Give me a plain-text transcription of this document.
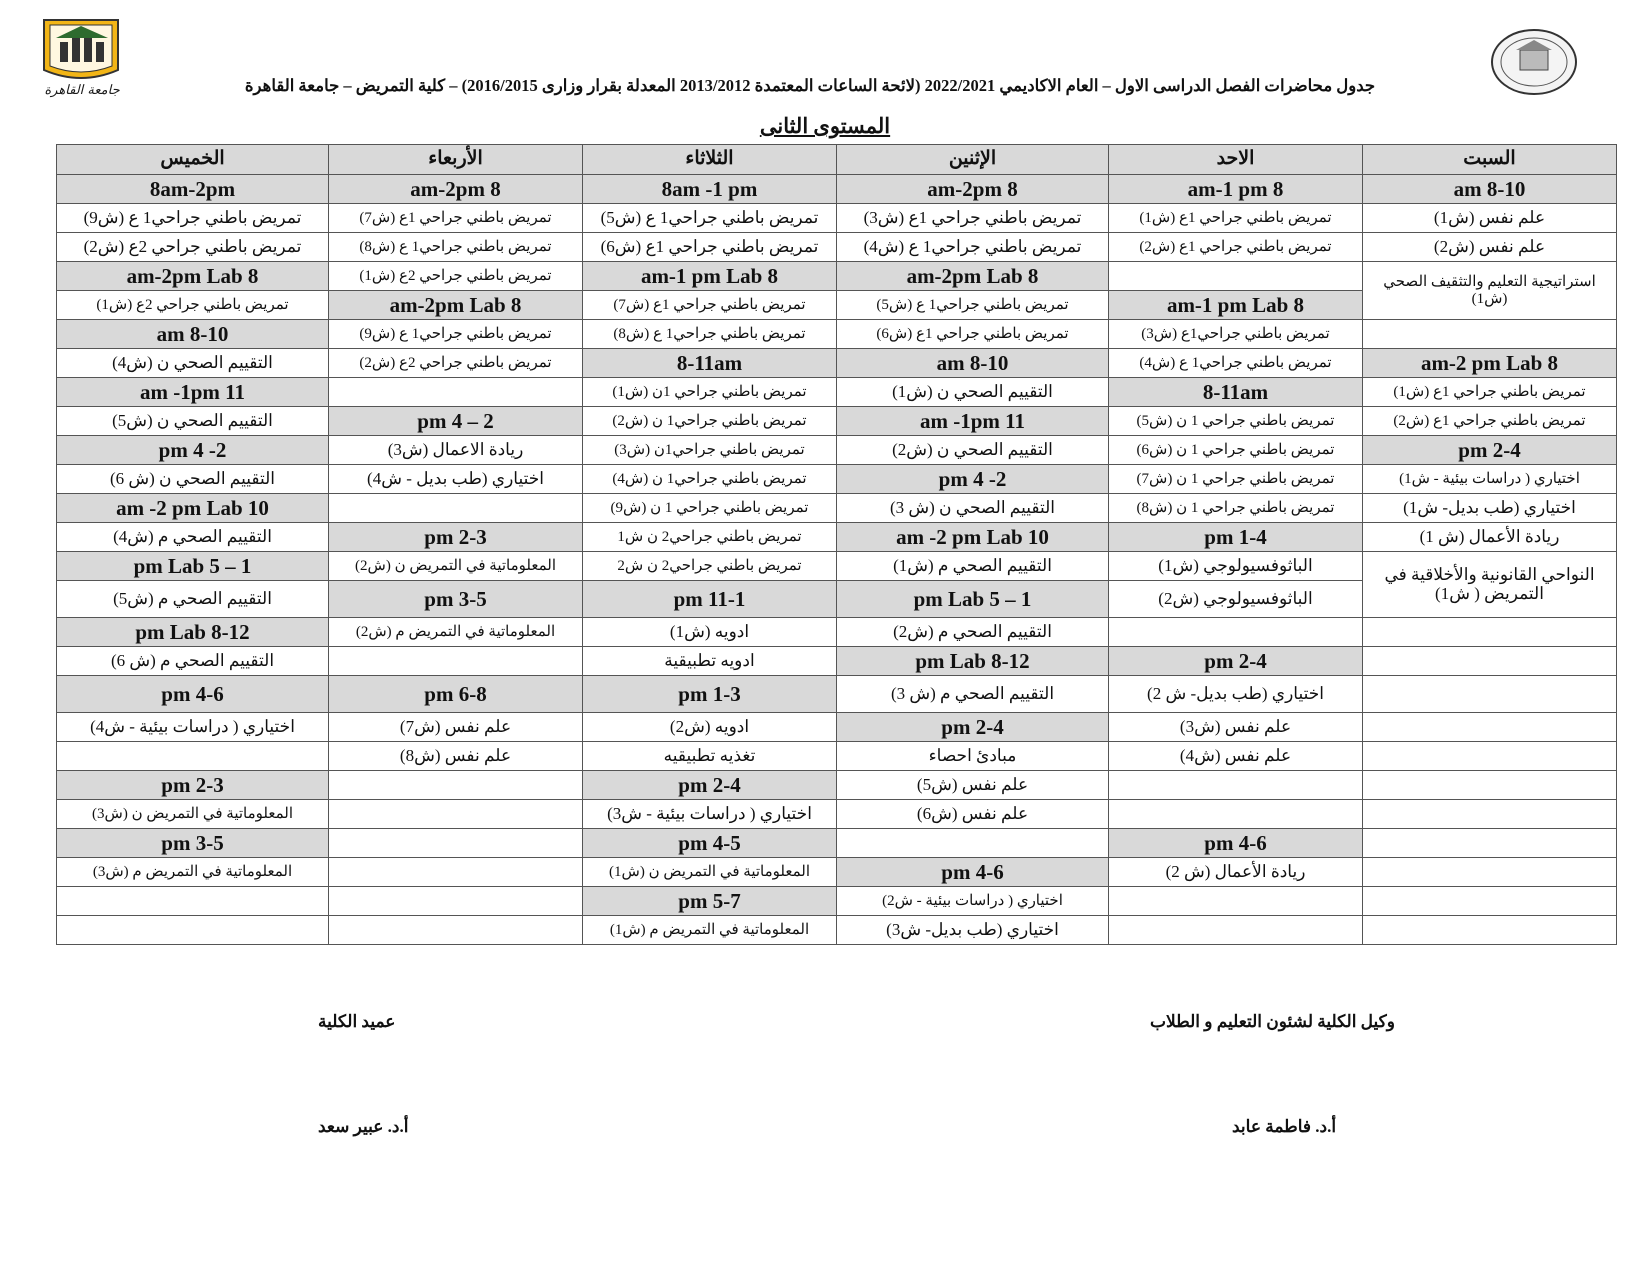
جامعة القاهرة	جدول محاضرات الفصل الدراسى الاول – العام الاكاديمي 2022/2021 (لائحة الساعات المعتمدة 2013/2012 المعدلة بقرار وزارى 2016/2015) – كلية التمريض – جامعة القاهرة
المستوى الثانى
السبت	الاحد	الإثنين	الثلاثاء	الأربعاء	الخميس
8-10 am	8 am-1 pm	8 am-2pm	8am -1 pm	8 am-2pm	8am-2pm
علم نفس (ش1)	تمريض باطني جراحي 1ع (ش1)	تمريض باطني جراحي 1ع (ش3)	تمريض باطني جراحي1 ع (ش5)	تمريض باطني جراحي 1ع (ش7)	تمريض باطني جراحي1 ع (ش9)
علم نفس (ش2)	تمريض باطني جراحي 1ع (ش2)	تمريض باطني جراحي1 ع (ش4)	تمريض باطني جراحي 1ع (ش6)	تمريض باطني جراحي1 ع (ش8)	تمريض باطني جراحي 2ع (ش2)
استراتيجية التعليم والتثقيف الصحي (ش1)		8 am-2pm Lab	8 am-1 pm Lab	تمريض باطني جراحي 2ع (ش1)	8 am-2pm Lab
	8 am-1 pm Lab	تمريض باطني جراحي1 ع (ش5)	تمريض باطني جراحي 1ع (ش7)	8 am-2pm Lab	تمريض باطني جراحي 2ع (ش1)
	تمريض باطني جراحي1ع (ش3)	تمريض باطني جراحي 1ع (ش6)	تمريض باطني جراحي1 ع (ش8)	تمريض باطني جراحي1 ع (ش9)	8-10 am
8 am-2 pm Lab	تمريض باطني جراحي1 ع (ش4)	8-10 am	8-11am	تمريض باطني جراحي 2ع (ش2)	التقييم الصحي ن (ش4)
تمريض باطني جراحي 1ع (ش1)	8-11am	التقييم الصحي ن (ش1)	تمريض باطني جراحي 1ن (ش1)		11 am -1pm
تمريض باطني جراحي 1ع (ش2)	تمريض باطني جراحي 1 ن (ش5)	11 am -1pm	تمريض باطني جراحي1 ن (ش2)	2 – 4 pm	التقييم الصحي ن (ش5)
2-4 pm	تمريض باطني جراحي 1 ن (ش6)	التقييم الصحي ن (ش2)	تمريض باطني جراحي1ن (ش3)	ريادة الاعمال (ش3)	2- 4 pm
اختياري ( دراسات بيئية - ش1)	تمريض باطني جراحي 1 ن (ش7)	2- 4 pm	تمريض باطني جراحي1 ن (ش4)	اختياري (طب بديل - ش4)	التقييم الصحي ن (ش 6)
اختياري (طب بديل- ش1)	تمريض باطني جراحي 1 ن (ش8)	التقييم الصحي ن (ش 3)	تمريض باطني جراحي 1 ن (ش9)		10 am -2 pm Lab
ريادة الأعمال (ش 1)	1-4 pm	10 am -2 pm Lab	تمريض باطني جراحي2 ن ش1	2-3 pm	التقييم الصحي م (ش4)
النواحي القانونية والأخلاقية في التمريض ( ش1)	الباثوفسيولوجي (ش1)	التقييم الصحي م (ش1)	تمريض باطني جراحي2 ن ش2	المعلوماتية في التمريض ن (ش2)	1 – 5 pm Lab
	الباثوفسيولوجي (ش2)	1 – 5 pm Lab	11-1 pm	3-5 pm	التقييم الصحي م (ش5)
		التقييم الصحي م (ش2)	ادويه (ش1)	المعلوماتية في التمريض م (ش2)	8-12 pm Lab
	2-4 pm	8-12 pm Lab	ادويه تطبيقية		التقييم الصحي م (ش 6)
	اختياري (طب بديل- ش 2)	التقييم الصحي م (ش 3)	1-3 pm	6-8 pm	4-6 pm
	علم نفس (ش3)	2-4 pm	ادويه (ش2)	علم نفس (ش7)	اختياري ( دراسات بيئية - ش4)
	علم نفس (ش4)	مبادئ احصاء	تغذيه تطبيقيه	علم نفس (ش8)	
		علم نفس (ش5)	2-4 pm		2-3 pm
		علم نفس (ش6)	اختياري ( دراسات بيئية - ش3)		المعلوماتية في التمريض ن (ش3)
	4-6 pm		4-5 pm		3-5 pm
	ريادة الأعمال (ش 2)	4-6 pm	المعلوماتية في التمريض ن (ش1)		المعلوماتية في التمريض م (ش3)
		اختياري ( دراسات بيئية - ش2)	5-7 pm		
		اختياري (طب بديل- ش3)	المعلوماتية في التمريض م (ش1)		
وكيل الكلية لشئون التعليم و الطلاب
عميد الكلية
أ.د. فاطمة عابد
أ.د. عبير سعد
